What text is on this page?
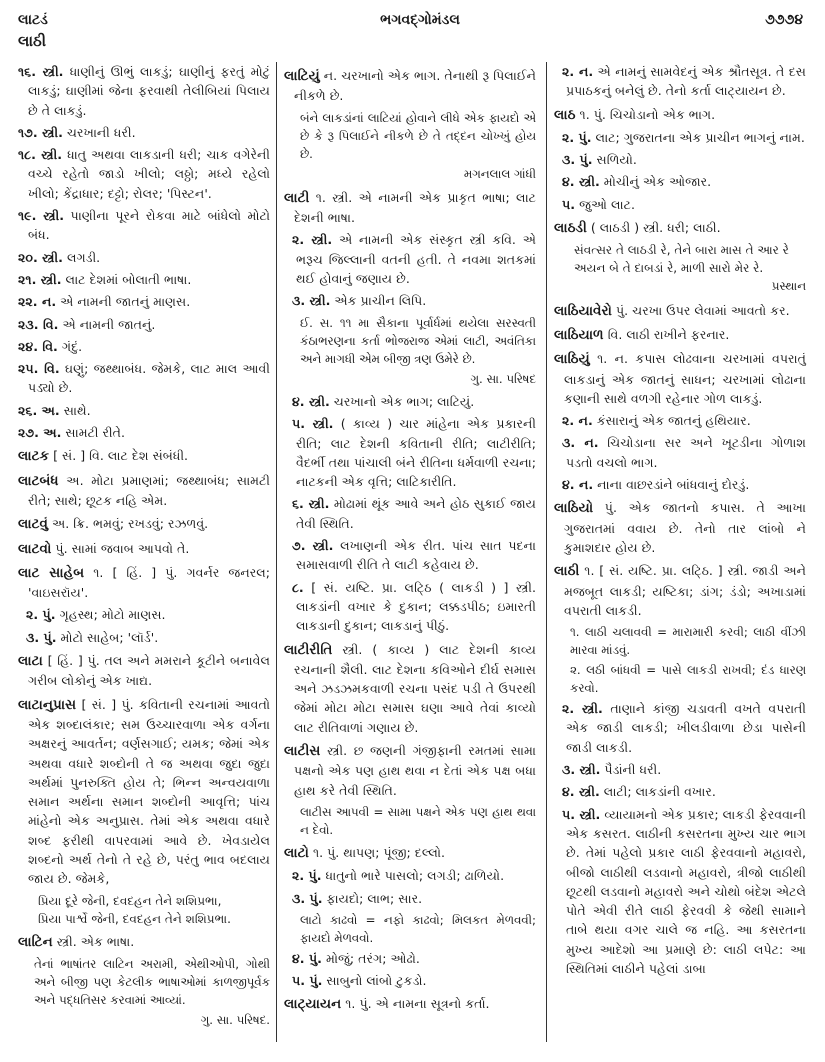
લાટડં	ભગવદ્ગોમંડલ	૭૭૭૪
લાઠી
૧૬. સ્ત્રી. ધાણીનું ઊભું લાકડું; ઘાણીનું ફરતું મોટું લાકડું; ઘાણીમાં જેના ફરવાથી તેલીબિયાં પિલાય છે તે લાકડું.
૧૭. સ્ત્રી. ચરખાની ધરી.
૧૮. સ્ત્રી. ધાતુ અથવા લાકડાની ધરી; ચાક વગેરેની વચ્ચે રહેતો જાડો ખીલો; લઠ્ઠો; મધ્યે રહેલો ખીલો; કેંદ્રાધાર; દટ્ટો; રોલર; 'પિસ્ટન'.
૧૯. સ્ત્રી. પાણીના પૂરને રોકવા માટે બાંધેલો મોટો બંધ.
૨૦. સ્ત્રી. લગડી.
૨૧. સ્ત્રી. લાટ દેશમાં બોલાતી ભાષા.
૨૨. ન. એ નામની જાતનું માણસ.
૨૩. વિ. એ નામની જાતનું.
૨૪. વિ. ગંદું.
૨૫. વિ. ઘણું; જથ્થાબંધ. જેમકે, લાટ માલ આવી પડ્યો છે.
૨૬. અ. સાથે.
૨૭. અ. સામટી રીતે.
લાટક [ સં. ] વિ. લાટ દેશ સંબંધી.
લાટબંધ અ. મોટા પ્રમાણમાં; જથ્થાબંધ; સામટી રીતે; સાથે; છૂટક નહિ એમ.
લાટવું અ. ક્રિ. ભમવું; રખડવું; રઝળવું.
લાટવો પું. સામાં જવાબ આપવો તે.
લાટ સાહેબ ૧. [ હિં. ] પું. ગવર્નર જનરલ; 'વાઇસરૉય'.
૨. પું. ગૃહસ્થ; મોટો માણસ.
૩. પું. મોટો સાહેબ; 'લૉર્ડ'.
લાટા [ હિં. ] પું. તલ અને મમરાને કૂટીને બનાવેલ ગરીબ લોકોનું એક ખાદ્ય.
લાટાનુપ્રાસ [ સં. ] પું. કવિતાની રચનામાં આવતો એક શબ્દાલંકાર; સમ ઉચ્ચારવાળા એક વર્ગના અક્ષરનું આવર્તન; વર્ણસગાઈ; યમક; જેમાં એક અથવા વધારે શબ્દોની તે જ અથવા જુદા જુદા અર્થમાં પુનરુક્તિ હોય તે; ભિન્ન અન્વયવાળા સમાન અર્થના સમાન શબ્દોની આવૃત્તિ; પાંચ માંહેનો એક અનુપ્રાસ. તેમાં એક અથવા વધારે શબ્દ ફરીથી વાપરવામાં આવે છે. ખેવડાયેલ શબ્દનો અર્થ તેનો તે રહે છે, પરંતુ ભાવ બદલાય જાય છે. જેમકે,
પ્રિયા દૂરે જેની, દવદહન તેને શશિપ્રભા,
પ્રિયા પાર્શ્વે જેની, દવદહન તેને શશિપ્રભા.
લાટિન સ્ત્રી. એક ભાષા.
તેનાં ભાષાંતર લાટિન અરામી, એથીઓપી, ગોથી અને બીજી પણ કેટલીક ભાષાઓમાં કાળજીપૂર્વક અને પદ્ધતિસર કરવામાં આવ્યાં.
ગુ. સા. પરિષદ.
લાટિયું ન. ચરખાનો એક ભાગ. તેનાથી રૂ પિલાઈને નીકળે છે.
બંને લાકડાંનાં લાટિયાં હોવાને લીધે એક ફાયદો એ છે કે રૂ પિલાઈને નીકળે છે તે તદ્દન ચોખ્ખું હોય છે.
મગનલાલ ગાંધી
લાટી ૧. સ્ત્રી. એ નામની એક પ્રાકૃત ભાષા; લાટ દેશની ભાષા.
૨. સ્ત્રી. એ નામની એક સંસ્કૃત સ્ત્રી કવિ. એ ભરૂચ જિલ્લાની વતની હતી. તે નવમા શતકમાં થઈ હોવાનું જણાય છે.
૩. સ્ત્રી. એક પ્રાચીન લિપિ.
ઈ. સ. ૧૧ મા સૈકાના પૂર્વાર્ધમાં થયેલા સરસ્વતી કંઠાભરણના કર્તા ભોજરાજ એમાં લાટી, અવંતિકા અને માગધી એમ બીજી ત્રણ ઉમેરે છે.
ગુ. સા. પરિષદ
૪. સ્ત્રી. ચરખાનો એક ભાગ; લાટિયું.
૫. સ્ત્રી. ( કાવ્ય ) ચાર માંહેના એક પ્રકારની રીતિ; લાટ દેશની કવિતાની રીતિ; લાટીરીતિ; વૈદર્ભી તથા પાંચાલી બંને રીતિના ધર્મવાળી રચના; નાટકની એક વૃત્તિ; લાટિકારીતિ.
૬. સ્ત્રી. મોઢામાં થૂંક આવે અને હોઠ સુકાઈ જાય તેવી સ્થિતિ.
૭. સ્ત્રી. લખાણની એક રીત. પાંચ સાત પદના સમાસવાળી રીતિ તે લાટી કહેવાય છે.
૮. [ સં. યષ્ટિ. પ્રા. લટ્ઠિ ( લાકડી ) ] સ્ત્રી. લાકડાંની વખાર કે દુકાન; લક્કડપીઠ; ઇમારતી લાકડાની દુકાન; લાકડાનું પીઠું.
લાટીરીતિ સ્ત્રી. ( કાવ્ય ) લાટ દેશની કાવ્ય રચનાની શૈલી. લાટ દેશના કવિઓને દીર્ઘ સમાસ અને ઝડઝમકવાળી રચના પસંદ પડી તે ઉપરથી જેમાં મોટા મોટા સમાસ ઘણા આવે તેવાં કાવ્યો લાટ રીતિવાળાં ગણાય છે.
લાટીસ સ્ત્રી. છ જણની ગંજીફાની રમતમાં સામા પક્ષનો એક પણ હાથ થવા ન દેતાં એક પક્ષ બધા હાથ કરે તેવી સ્થિતિ.
લાટીસ આપવી = સામા પક્ષને એક પણ હાથ થવા ન દેવો.
લાટો ૧. પું. થાપણ; પૂંજી; દલ્લો.
૨. પું. ધાતુનો ભારે પાસલો; લગડી; ઢાળિયો.
૩. પું. ફાયદો; લાભ; સાર.
લાટો કાઢવો = નફો કાઢવો; મિલકત મેળવવી; ફાયદો મેળવવો.
૪. પું. મોજું; તરંગ; ઓઢો.
૫. પું. સાબુનો લાંબો ટુકડો.
લાટ્યાયન ૧. પું. એ નામના સૂત્રનો કર્તા.
૨. ન. એ નામનું સામવેદનું એક શ્રૌતસૂત્ર. તે દસ પ્રપાઠકનું બનેલું છે. તેનો કર્તા લાટ્યાયન છે.
લાઠ ૧. પું. ચિચોડાનો એક ભાગ.
૨. પું. લાટ; ગુજરાતના એક પ્રાચીન ભાગનું નામ.
૩. પું. સળિયો.
૪. સ્ત્રી. મોચીનું એક ઓજાર.
૫. જુઓ લાટ.
લાઠડી ( લાઠડી ) સ્ત્રી. ધરી; લાઠી.
સંવત્સર તે લાઠડી રે, તેને બારા માસ તે આર રે
અયન બે તે દાબડાં રે, માળી સારો મેર રે.
પ્રસ્થાન
લાઠિયાવેરો પું. ચરખા ઉપર લેવામાં આવતો કર.
લાઠિયાળ વિ. લાઠી રાખીને ફરનાર.
લાઠિયું ૧. ન. કપાસ લોઢવાના ચરખામાં વપરાતું લાકડાનું એક જાતનું સાધન; ચરખામાં લોઢાના કણાની સાથે વળગી રહેનાર ગોળ લાકડું.
૨. ન. કંસારાનું એક જાતનું હથિયાર.
૩. ન. ચિચોડાના સર અને ખૂટડીના ગોળાશ પડતો વચલો ભાગ.
૪. ન. નાના વાછરડાંને બાંધવાનું દોરડું.
લાઠિયો પું. એક જાતનો કપાસ. તે આખા ગુજરાતમાં વવાય છે. તેનો તાર લાંબો ને કુમાશદાર હોય છે.
લાઠી ૧. [ સં. યષ્ટિ. પ્રા. લટ્ઠિ. ] સ્ત્રી. જાડી અને મજબૂત લાકડી; યષ્ટિકા; ડાંગ; ડંડો; અખાડામાં વપરાતી લાકડી.
૧. લાઠી ચલાવવી = મારામારી કરવી; લાઠી વીંઝી મારવા માંડવું.
૨. લઠી બાંધવી = પાસે લાકડી રાખવી; દંડ ધારણ કરવો.
૨. સ્ત્રી. તાણાને કાંજી ચડાવતી વખતે વપરાતી એક જાડી લાકડી; ખીલડીવાળા છેડા પાસેની જાડી લાકડી.
૩. સ્ત્રી. પૈડાંની ધરી.
૪. સ્ત્રી. લાટી; લાકડાંની વખાર.
૫. સ્ત્રી. વ્યાયામનો એક પ્રકાર; લાકડી ફેરવવાની એક કસરત. લાઠીની કસરતના મુખ્ય ચાર ભાગ છે. તેમાં પહેલો પ્રકાર લાઠી ફેરવવાનો મહાવરો, બીજો લાઠીથી લડવાનો મહાવરો, ત્રીજો લાઠીથી છૂટથી લડવાનો મહાવરો અને ચોથો બંદેશ એટલે પોતે એવી રીતે લાઠી ફેરવવી કે જેથી સામાને તાબે થયા વગર ચાલે જ નહિ. આ કસરતના મુખ્ય આદેશો આ પ્રમાણે છે: લાઠી લપેટ: આ સ્થિતિમાં લાઠીને પહેલાં ડાબા
